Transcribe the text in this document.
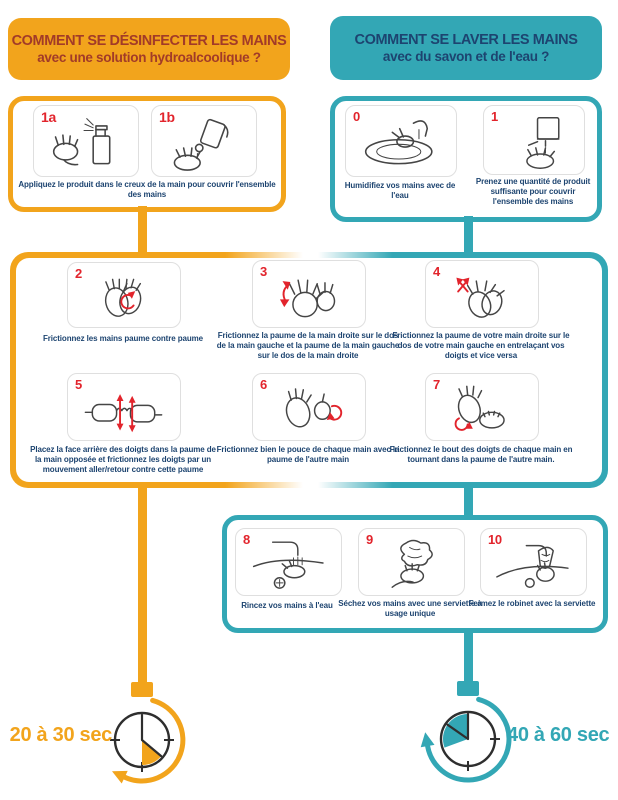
COMMENT SE DÉSINFECTER LES MAINS
avec une solution hydroalcoolique ?
COMMENT SE LAVER LES MAINS
avec du savon et de l'eau ?
1a	1b
Appliquez le produit dans le creux de la main pour couvrir l'ensemble des mains
0
Humidifiez vos mains avec de l'eau
1
Prenez une quantité de produit suffisante pour couvrir l'ensemble des mains
2
Frictionnez les mains paume contre paume
3
Frictionnez la paume de la main droite sur le dos de la main gauche et la paume de la main gauche sur le dos de la main droite
4
Frictionnez la paume de votre main droite sur le dos de votre main gauche en entrelaçant vos doigts et vice versa
5
Placez la face arrière des doigts dans la paume de la main opposée et frictionnez les doigts par un mouvement aller/retour contre cette paume
6
Frictionnez bien le pouce de chaque main avec la paume de l'autre main
7
Frictionnez le bout des doigts de chaque main en tournant dans la paume de l'autre main.
8
Rincez vos mains à l'eau
9
Séchez vos mains avec une serviette à usage unique
10
Fermez le robinet avec la serviette
20 à 30 sec	40 à 60 sec
